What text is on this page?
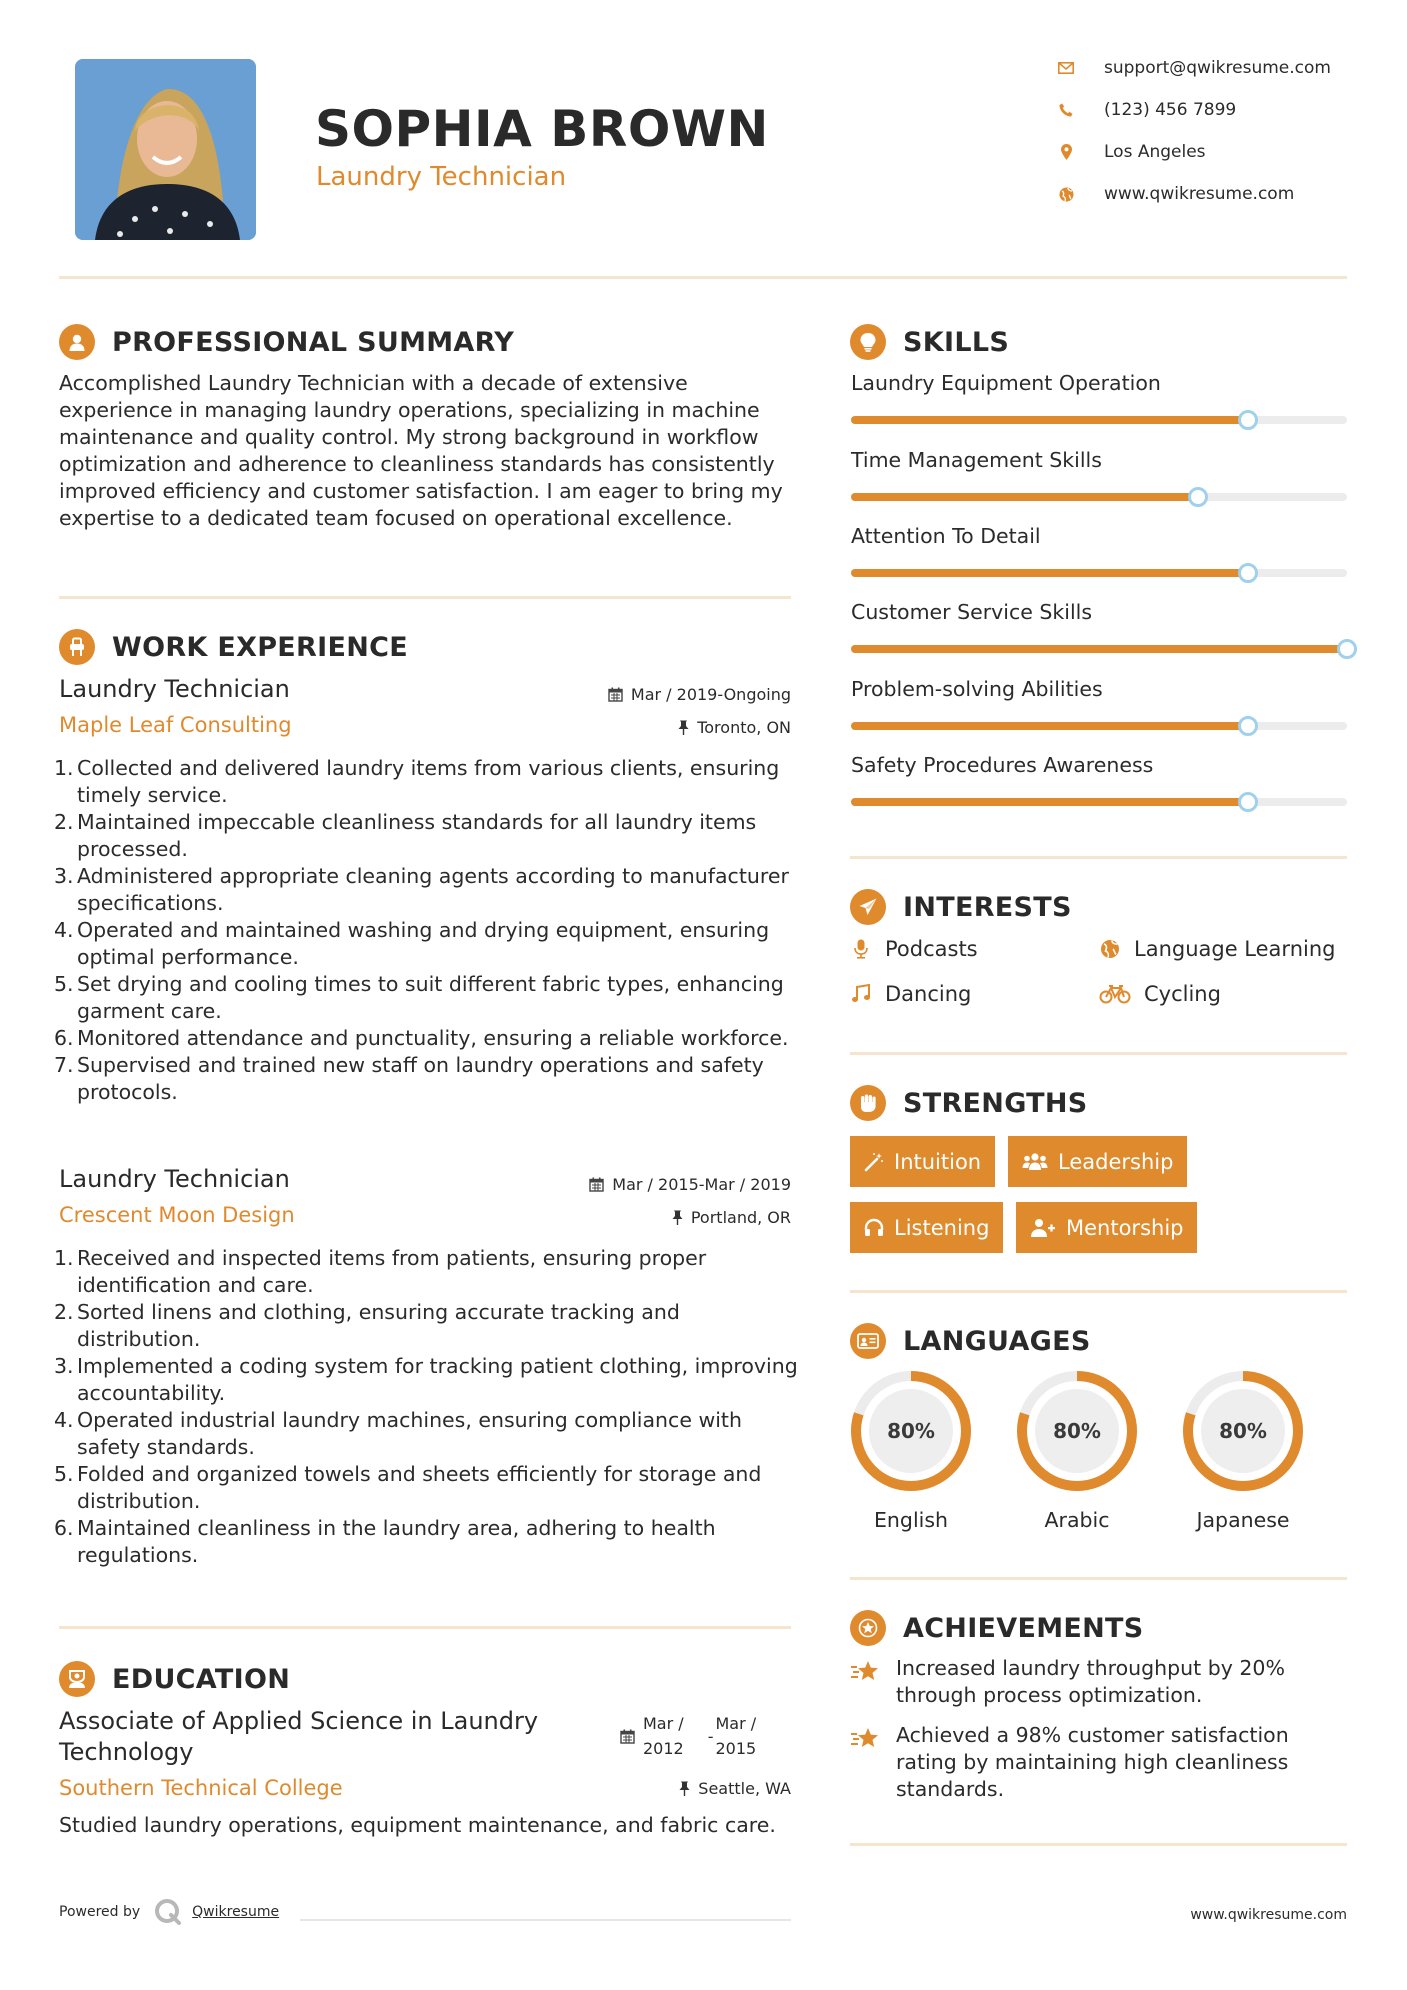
SOPHIA BROWN
Laundry Technician
support@qwikresume.com
(123) 456 7899
Los Angeles
www.qwikresume.com
PROFESSIONAL SUMMARY

Accomplished Laundry Technician with a decade of extensive experience in managing laundry operations, specializing in machine maintenance and quality control. My strong background in workflow optimization and adherence to cleanliness standards has consistently improved efficiency and customer satisfaction. I am eager to bring my expertise to a dedicated team focused on operational excellence.

WORK EXPERIENCE
Laundry Technician
Maple Leaf Consulting
Mar / 2019-Ongoing
Toronto, ON
1. Collected and delivered laundry items from various clients, ensuring timely service.
2. Maintained impeccable cleanliness standards for all laundry items processed.
3. Administered appropriate cleaning agents according to manufacturer specifications.
4. Operated and maintained washing and drying equipment, ensuring optimal performance.
5. Set drying and cooling times to suit different fabric types, enhancing garment care.
6. Monitored attendance and punctuality, ensuring a reliable workforce.
7. Supervised and trained new staff on laundry operations and safety protocols.
Laundry Technician
Crescent Moon Design
Mar / 2015-Mar / 2019
Portland, OR
1. Received and inspected items from patients, ensuring proper identification and care.
2. Sorted linens and clothing, ensuring accurate tracking and distribution.
3. Implemented a coding system for tracking patient clothing, improving accountability.
4. Operated industrial laundry machines, ensuring compliance with safety standards.
5. Folded and organized towels and sheets efficiently for storage and distribution.
6. Maintained cleanliness in the laundry area, adhering to health regulations.
EDUCATION
Associate of Applied Science in Laundry Technology
Mar /
2012
-
Mar /
2015
Southern Technical College	Seattle, WA

Studied laundry operations, equipment maintenance, and fabric care.

SKILLS
Laundry Equipment Operation
Time Management Skills
Attention To Detail
Customer Service Skills
Problem-solving Abilities
Safety Procedures Awareness
INTERESTS
Podcasts	Language Learning
Dancing	Cycling
STRENGTHS
Intuition	Leadership
Listening	Mentorship
LANGUAGES
80%
English
80%
Arabic
80%
Japanese
ACHIEVEMENTS
Increased laundry throughput by 20% through process optimization.
Achieved a 98% customer satisfaction rating by maintaining high cleanliness standards.
Powered by	Qwikresume	www.qwikresume.com
